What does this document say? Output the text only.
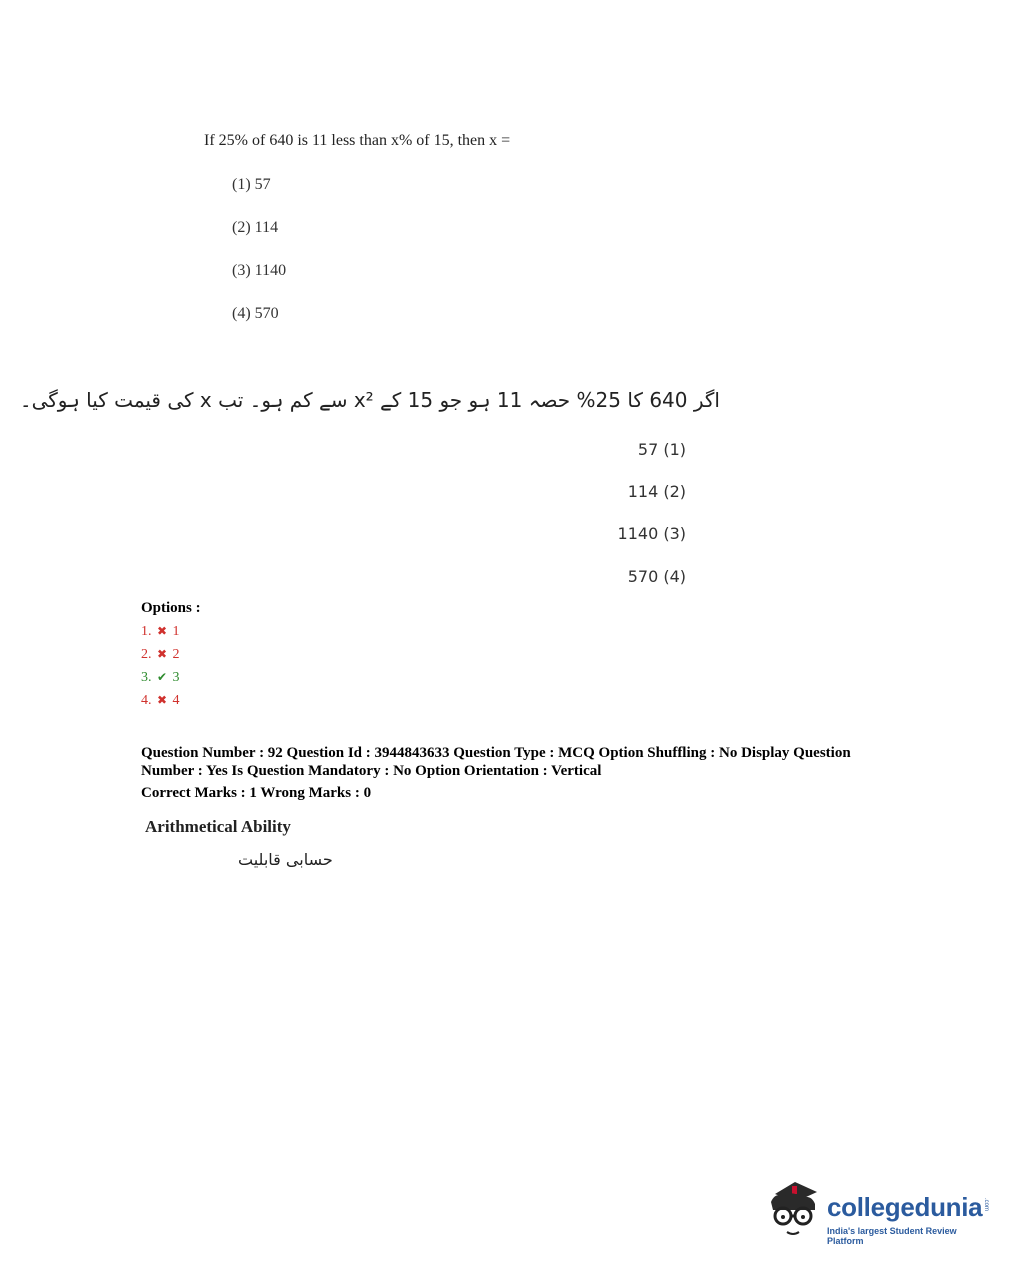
If 25% of 640 is 11 less than x% of 15, then x =
(1) 57
(2) 114
(3) 1140
(4) 570
اگر 640 کا 25% حصہ 11 ہو جو 15 کے x² سے کم ہو۔ تب x کی قیمت کیا ہوگی۔
57 (1)
114 (2)
1140 (3)
570 (4)
Options :
1. ✖ 1
2. ✖ 2
3. ✔ 3
4. ✖ 4
Question Number : 92 Question Id : 3944843633 Question Type : MCQ Option Shuffling : No Display Question
Number : Yes Is Question Mandatory : No Option Orientation : Vertical
Correct Marks : 1 Wrong Marks : 0
Arithmetical Ability
حسابی قابلیت
collegedunia .com
India's largest Student Review Platform
